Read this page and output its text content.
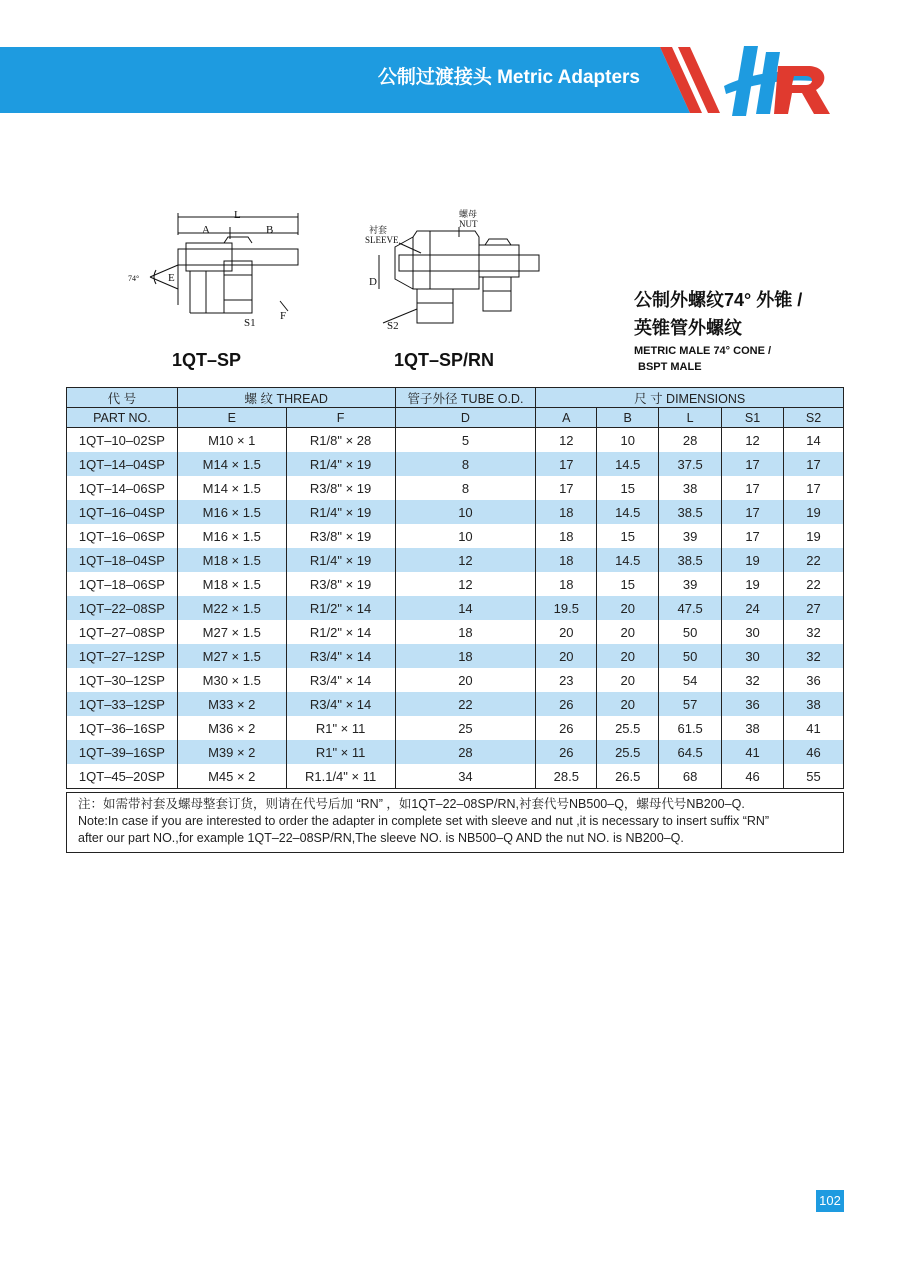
公制过渡接头 Metric Adapters
L
A	B
E
74°
S1
F
1QT–SP
螺母
NUT
衬套
SLEEVE
D
S2
1QT–SP/RN
公制外螺纹74° 外锥 /
英锥管外螺纹
METRIC MALE 74° CONE /
BSPT MALE
代 号	螺 纹 THREAD		管子外径 TUBE O.D.	尺 寸 DIMENSIONS				
PART NO.	E	F	D	A	B	L	S1	S2
1QT–10–02SP	M10 × 1	R1/8" × 28	5	12	10	28	12	14
1QT–14–04SP	M14 × 1.5	R1/4" × 19	8	17	14.5	37.5	17	17
1QT–14–06SP	M14 × 1.5	R3/8" × 19	8	17	15	38	17	17
1QT–16–04SP	M16 × 1.5	R1/4" × 19	10	18	14.5	38.5	17	19
1QT–16–06SP	M16 × 1.5	R3/8" × 19	10	18	15	39	17	19
1QT–18–04SP	M18 × 1.5	R1/4" × 19	12	18	14.5	38.5	19	22
1QT–18–06SP	M18 × 1.5	R3/8" × 19	12	18	15	39	19	22
1QT–22–08SP	M22 × 1.5	R1/2" × 14	14	19.5	20	47.5	24	27
1QT–27–08SP	M27 × 1.5	R1/2" × 14	18	20	20	50	30	32
1QT–27–12SP	M27 × 1.5	R3/4" × 14	18	20	20	50	30	32
1QT–30–12SP	M30 × 1.5	R3/4" × 14	20	23	20	54	32	36
1QT–33–12SP	M33 × 2	R3/4" × 14	22	26	20	57	36	38
1QT–36–16SP	M36 × 2	R1" × 11	25	26	25.5	61.5	38	41
1QT–39–16SP	M39 × 2	R1" × 11	28	26	25.5	64.5	41	46
1QT–45–20SP	M45 × 2	R1.1/4" × 11	34	28.5	26.5	68	46	55
注：如需带衬套及螺母整套订货，则请在代号后加 “RN” ，如1QT–22–08SP/RN,衬套代号NB500–Q，螺母代号NB200–Q.
Note:In case if you are interested to order the adapter in complete set with sleeve and nut ,it is necessary to insert suffix “RN”
after our part NO.,for example 1QT–22–08SP/RN,The sleeve NO. is NB500–Q AND the nut NO. is NB200–Q.
102
